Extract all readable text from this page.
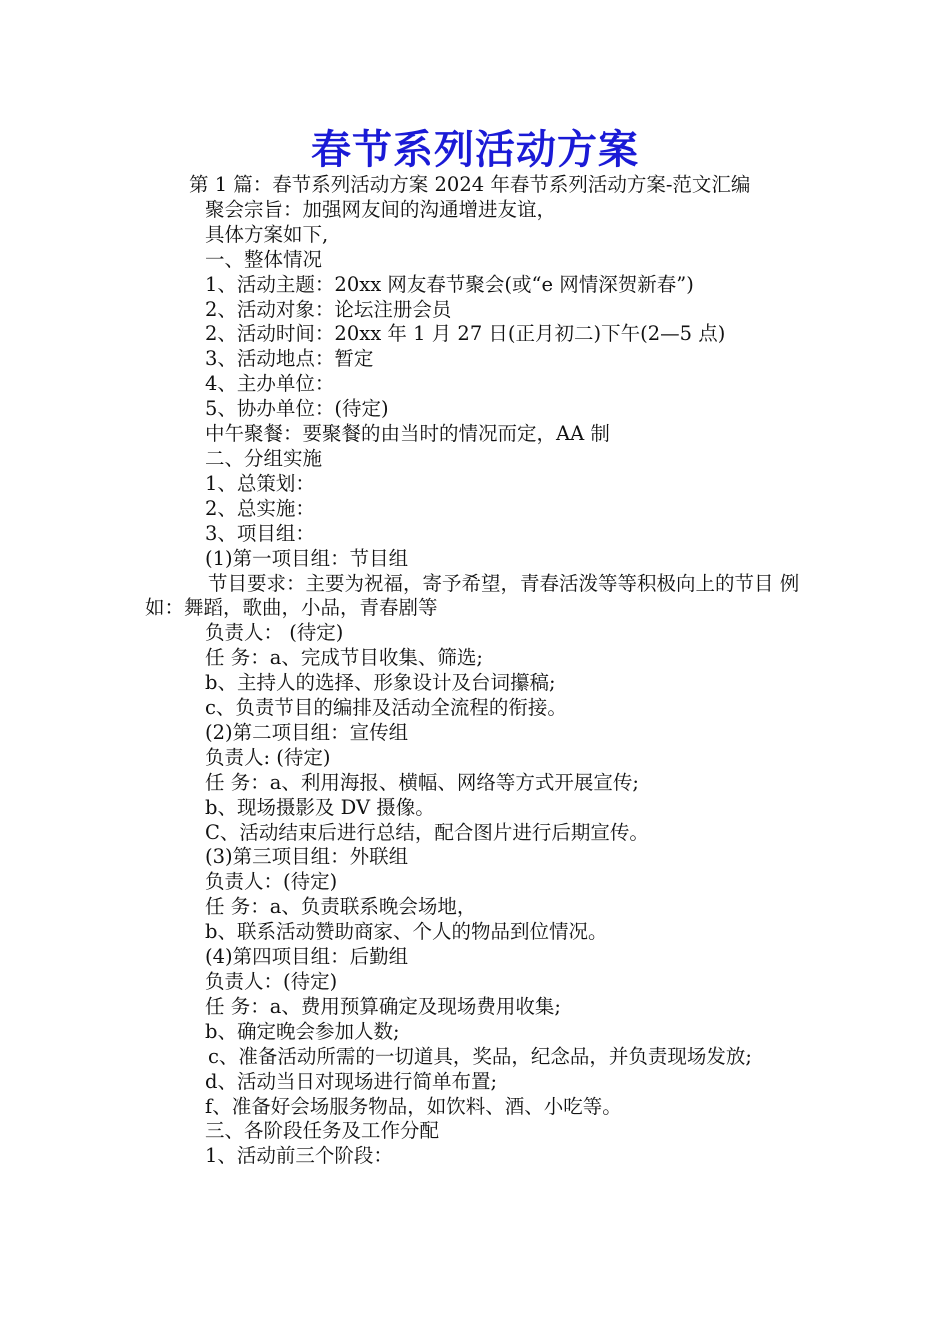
春节系列活动方案

第 1 篇：春节系列活动方案 2024 年春节系列活动方案-范文汇编

聚会宗旨：加强网友间的沟通增进友谊，

具体方案如下,

一、整体情况

1、活动主题：20xx 网友春节聚会(或“e 网情深贺新春”)

2、活动对象：论坛注册会员

2、活动时间：20xx 年 1 月 27 日(正月初二)下午(2—5 点)

3、活动地点：暂定

4、主办单位：

5、协办单位：(待定)

中午聚餐：要聚餐的由当时的情况而定，AA 制

二、分组实施

1、总策划：

2、总实施：

3、项目组：

(1)第一项目组：节目组

节目要求：主要为祝福，寄予希望，青春活泼等等积极向上的节目 例如：舞蹈，歌曲，小品，青春剧等

负责人： (待定)

任 务：a、完成节目收集、筛选;

b、主持人的选择、形象设计及台词攥稿;

c、负责节目的编排及活动全流程的衔接。

(2)第二项目组：宣传组

负责人: (待定)

任 务：a、利用海报、横幅、网络等方式开展宣传;

b、现场摄影及 DV 摄像。

C、活动结束后进行总结，配合图片进行后期宣传。

(3)第三项目组：外联组

负责人：(待定)

任 务：a、负责联系晚会场地，

b、联系活动赞助商家、个人的物品到位情况。

(4)第四项目组：后勤组

负责人：(待定)

任 务：a、费用预算确定及现场费用收集;

b、确定晚会参加人数;

c、准备活动所需的一切道具，奖品，纪念品，并负责现场发放;

d、活动当日对现场进行简单布置;

f、准备好会场服务物品，如饮料、酒、小吃等。

三、各阶段任务及工作分配

1、活动前三个阶段：
